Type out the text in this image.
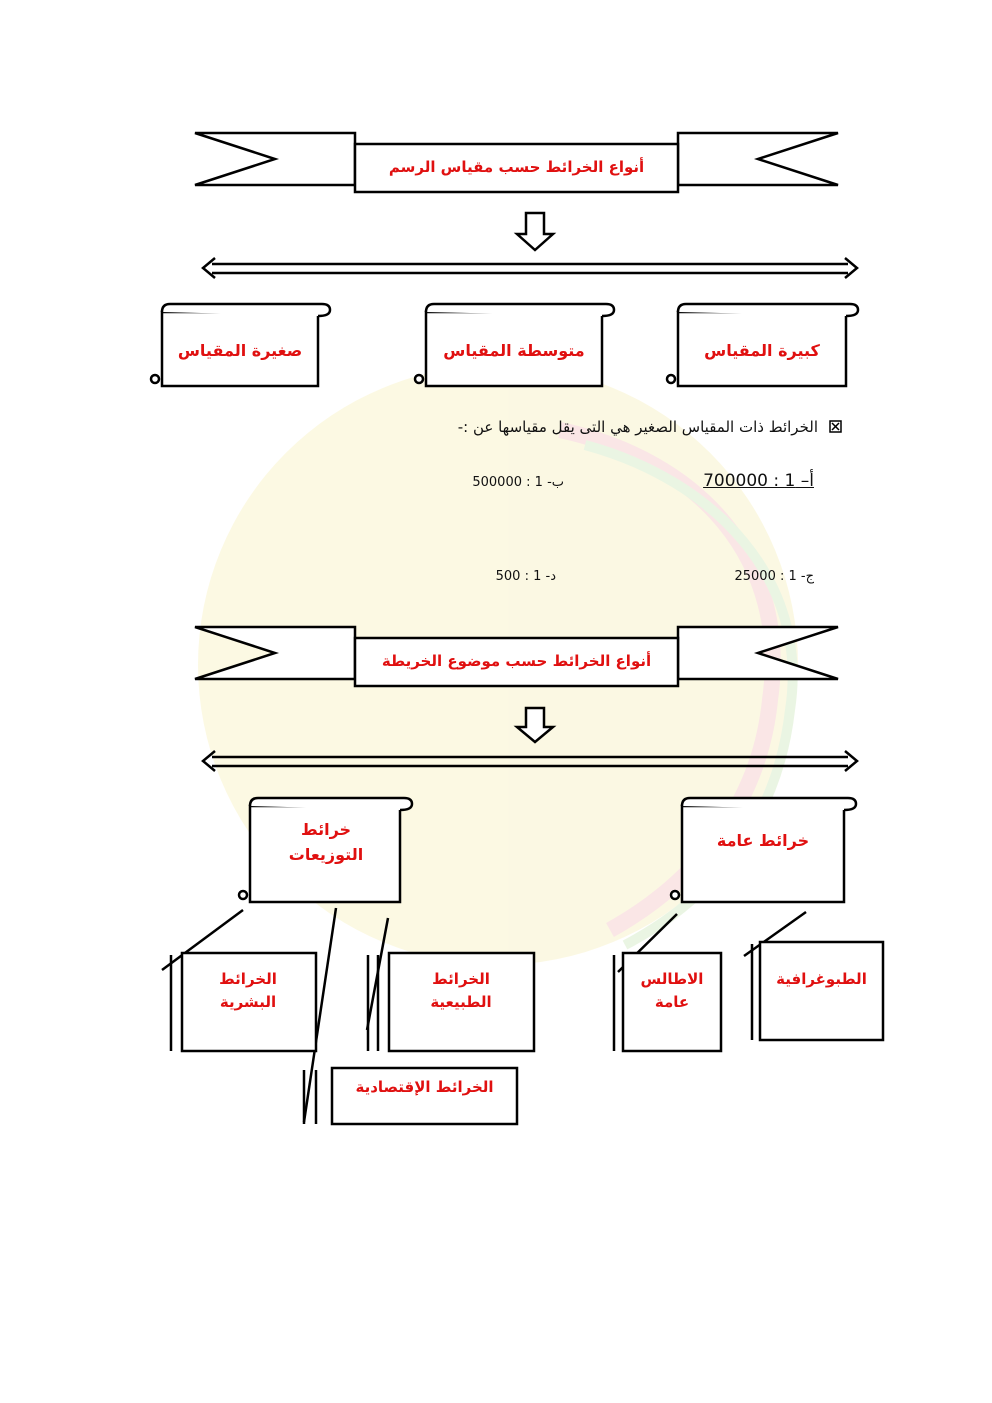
أنواع الخرائط حسب مقياس الرسم
كبيرة المقياس
متوسطة المقياس
صغيرة المقياس
الخرائط ذات المقياس الصغير هي التى يقل مقياسها عن :-
أ– 1 : 700000
ب- 1 : 500000
ج- 1 : 25000
د- 1 : 500
أنواع الخرائط حسب موضوع الخريطة
خرائط عامة
خرائط التوزيعات
الطبوغرافية
الاطالس عامة
الخرائط الطبيعية
الخرائط البشرية
الخرائط الإقتصادية
